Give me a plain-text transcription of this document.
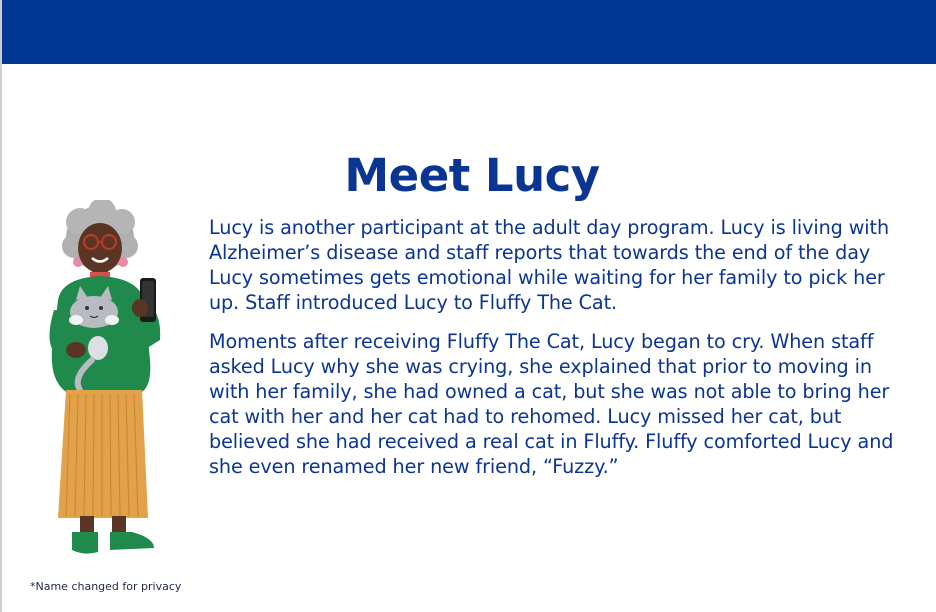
Meet Lucy

Lucy is another participant at the adult day program. Lucy is living with Alzheimer’s disease and staff reports that towards the end of the day Lucy sometimes gets emotional while waiting for her family to pick her up. Staff introduced Lucy to Fluffy The Cat.

Moments after receiving Fluffy The Cat, Lucy began to cry. When staff asked Lucy why she was crying, she explained that prior to moving in with her family, she had owned a cat, but she was not able to bring her cat with her and her cat had to rehomed. Lucy missed her cat, but believed she had received a real cat in Fluffy. Fluffy comforted Lucy and she even renamed her new friend, “Fuzzy.”

*Name changed for privacy
